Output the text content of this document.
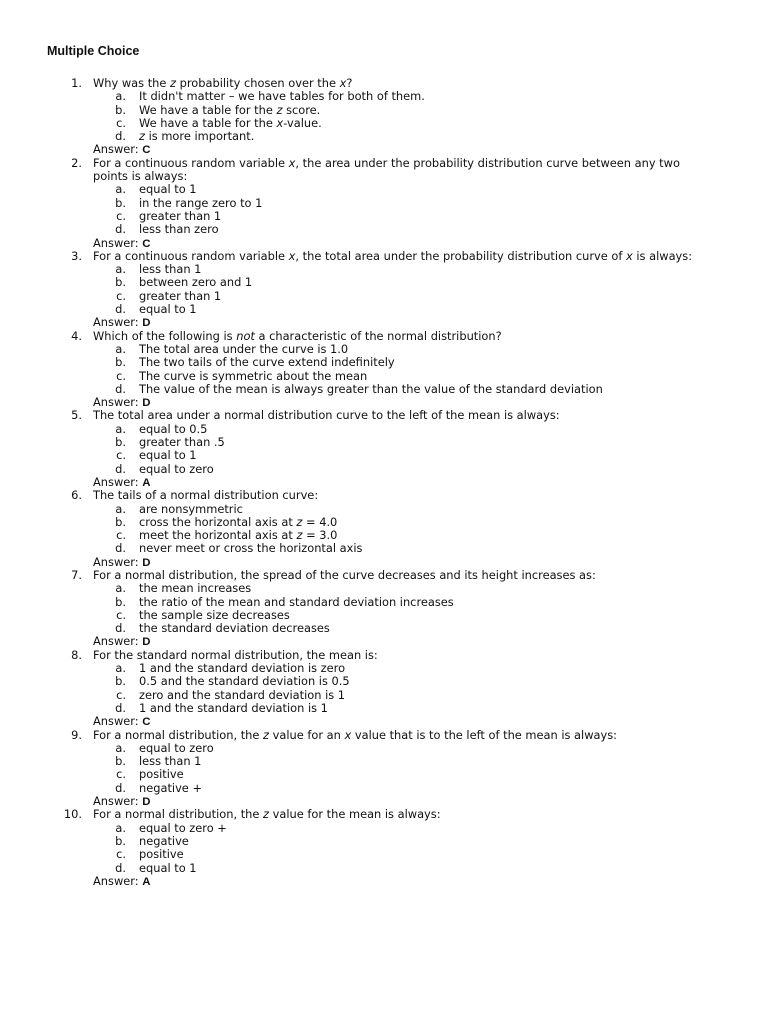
Multiple Choice
1. Why was the z probability chosen over the x?
a. It didn't matter – we have tables for both of them.
b. We have a table for the z score.
c. We have a table for the x-value.
d. z is more important.
Answer: C
2. For a continuous random variable x, the area under the probability distribution curve between any two
points is always:
a. equal to 1
b. in the range zero to 1
c. greater than 1
d. less than zero
Answer: C
3. For a continuous random variable x, the total area under the probability distribution curve of x is always:
a. less than 1
b. between zero and 1
c. greater than 1
d. equal to 1
Answer: D
4. Which of the following is not a characteristic of the normal distribution?
a. The total area under the curve is 1.0
b. The two tails of the curve extend indefinitely
c. The curve is symmetric about the mean
d. The value of the mean is always greater than the value of the standard deviation
Answer: D
5. The total area under a normal distribution curve to the left of the mean is always:
a. equal to 0.5
b. greater than .5
c. equal to 1
d. equal to zero
Answer: A
6. The tails of a normal distribution curve:
a. are nonsymmetric
b. cross the horizontal axis at z = 4.0
c. meet the horizontal axis at z = 3.0
d. never meet or cross the horizontal axis
Answer: D
7. For a normal distribution, the spread of the curve decreases and its height increases as:
a. the mean increases
b. the ratio of the mean and standard deviation increases
c. the sample size decreases
d. the standard deviation decreases
Answer: D
8. For the standard normal distribution, the mean is:
a. 1 and the standard deviation is zero
b. 0.5 and the standard deviation is 0.5
c. zero and the standard deviation is 1
d. 1 and the standard deviation is 1
Answer: C
9. For a normal distribution, the z value for an x value that is to the left of the mean is always:
a. equal to zero
b. less than 1
c. positive
d. negative +
Answer: D
10. For a normal distribution, the z value for the mean is always:
a. equal to zero +
b. negative
c. positive
d. equal to 1
Answer: A
